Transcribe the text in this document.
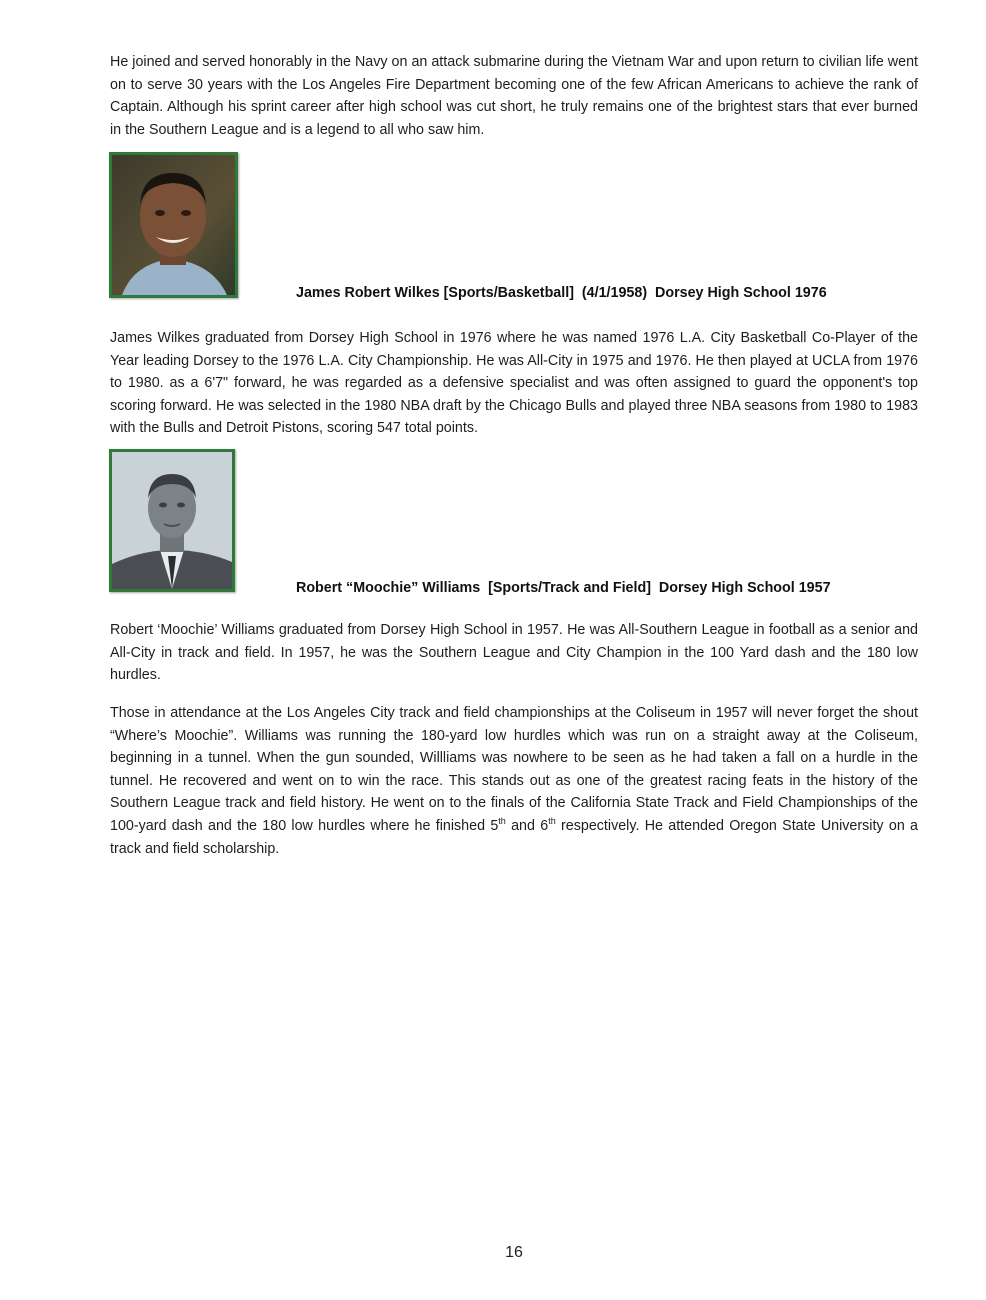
He joined and served honorably in the Navy on an attack submarine during the Vietnam War and upon return to civilian life went on to serve 30 years with the Los Angeles Fire Department becoming one of the few African Americans to achieve the rank of Captain. Although his sprint career after high school was cut short, he truly remains one of the brightest stars that ever burned in the Southern League and is a legend to all who saw him.

James Robert Wilkes [Sports/Basketball]  (4/1/1958)  Dorsey High School 1976

James Wilkes graduated from Dorsey High School in 1976 where he was named 1976 L.A. City Basketball Co-Player of the Year leading Dorsey to the 1976 L.A. City Championship. He was All-City in 1975 and 1976. He then played at UCLA from 1976 to 1980. as a 6'7" forward, he was regarded as a defensive specialist and was often assigned to guard the opponent's top scoring forward. He was selected in the 1980 NBA draft by the Chicago Bulls and played three NBA seasons from 1980 to 1983 with the Bulls and Detroit Pistons, scoring 547 total points.

Robert “Moochie” Williams  [Sports/Track and Field]  Dorsey High School 1957

Robert ‘Moochie’ Williams graduated from Dorsey High School in 1957. He was All-Southern League in football as a senior and All-City in track and field. In 1957, he was the Southern League and City Champion in the 100 Yard dash and the 180 low hurdles.

Those in attendance at the Los Angeles City track and field championships at the Coliseum in 1957 will never forget the shout “Where’s Moochie”. Williams was running the 180-yard low hurdles which was run on a straight away at the Coliseum, beginning in a tunnel. When the gun sounded, Willliams was nowhere to be seen as he had taken a fall on a hurdle in the tunnel. He recovered and went on to win the race. This stands out as one of the greatest racing feats in the history of the Southern League track and field history. He went on to the finals of the California State Track and Field Championships of the 100-yard dash and the 180 low hurdles where he finished 5th and 6th respectively. He attended Oregon State University on a track and field scholarship.

16
